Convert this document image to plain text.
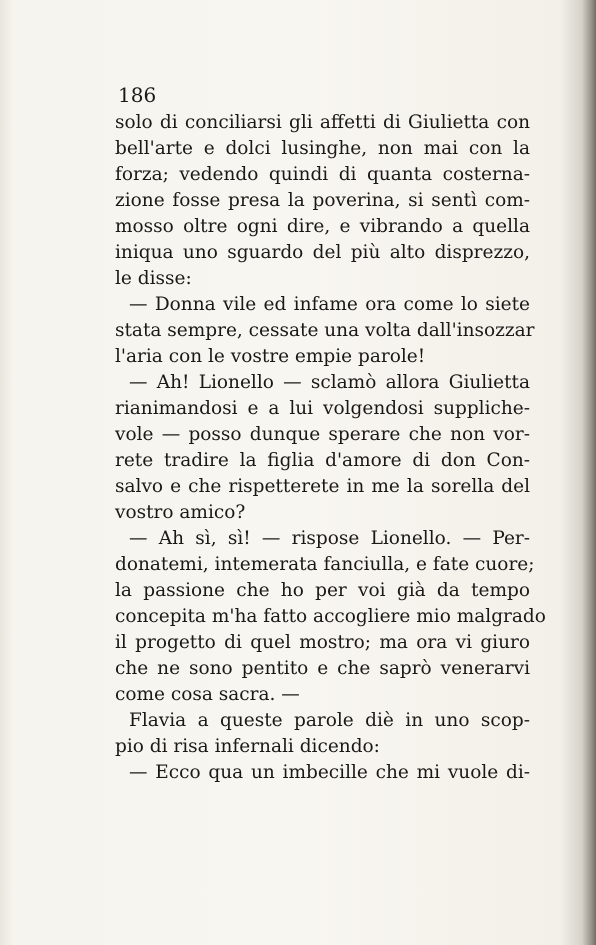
186
solo di conciliarsi gli affetti di Giulietta con
bell'arte e dolci lusinghe, non mai con la
forza; vedendo quindi di quanta costerna-
zione fosse presa la poverina, si sentì com-
mosso oltre ogni dire, e vibrando a quella
iniqua uno sguardo del più alto disprezzo,
le disse:
— Donna vile ed infame ora come lo siete
stata sempre, cessate una volta dall'insozzar
l'aria con le vostre empie parole!
— Ah! Lionello — sclamò allora Giulietta
rianimandosi e a lui volgendosi suppliche-
vole — posso dunque sperare che non vor-
rete tradire la figlia d'amore di don Con-
salvo e che rispetterete in me la sorella del
vostro amico?
— Ah sì, sì! — rispose Lionello. — Per-
donatemi, intemerata fanciulla, e fate cuore;
la passione che ho per voi già da tempo
concepita m'ha fatto accogliere mio malgrado
il progetto di quel mostro; ma ora vi giuro
che ne sono pentito e che saprò venerarvi
come cosa sacra. —
Flavia a queste parole diè in uno scop-
pio di risa infernali dicendo:
— Ecco qua un imbecille che mi vuole di-
